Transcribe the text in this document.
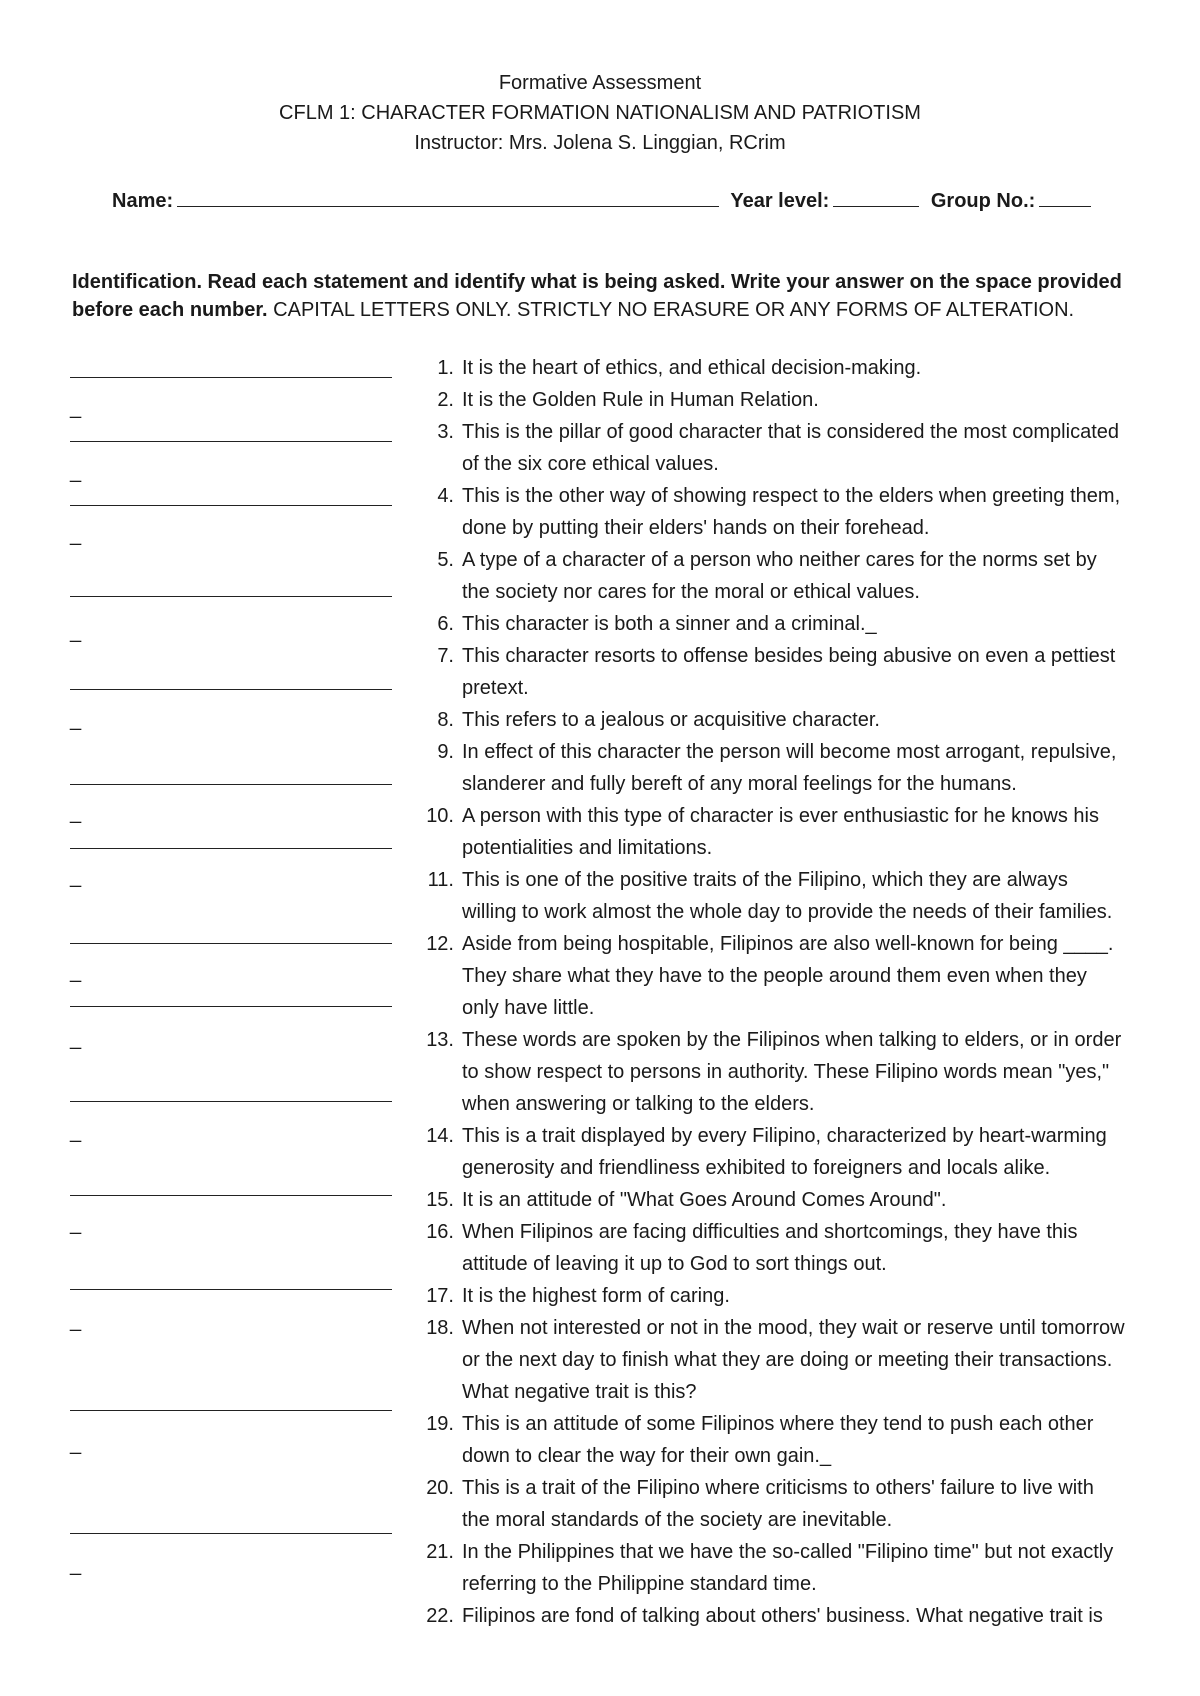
Formative Assessment
CFLM 1: CHARACTER FORMATION NATIONALISM AND PATRIOTISM
Instructor: Mrs. Jolena S. Linggian, RCrim
Name:	Year level:	Group No.:
Identification. Read each statement and identify what is being asked. Write your answer on the space provided before each number. CAPITAL LETTERS ONLY. STRICTLY NO ERASURE OR ANY FORMS OF ALTERATION.
_
_
_
_
_
_
_
_
_
_
_
_
_
_
1. It is the heart of ethics, and ethical decision-making.
2. It is the Golden Rule in Human Relation.
3. This is the pillar of good character that is considered the most complicated
of the six core ethical values.
4. This is the other way of showing respect to the elders when greeting them,
done by putting their elders' hands on their forehead.
5. A type of a character of a person who neither cares for the norms set by
the society nor cares for the moral or ethical values.
6. This character is both a sinner and a criminal._
7. This character resorts to offense besides being abusive on even a pettiest
pretext.
8. This refers to a jealous or acquisitive character.
9. In effect of this character the person will become most arrogant, repulsive,
slanderer and fully bereft of any moral feelings for the humans.
10. A person with this type of character is ever enthusiastic for he knows his
potentialities and limitations.
11. This is one of the positive traits of the Filipino, which they are always
willing to work almost the whole day to provide the needs of their families.
12. Aside from being hospitable, Filipinos are also well-known for being ____.
They share what they have to the people around them even when they
only have little.
13. These words are spoken by the Filipinos when talking to elders, or in order
to show respect to persons in authority. These Filipino words mean "yes,"
when answering or talking to the elders.
14. This is a trait displayed by every Filipino, characterized by heart-warming
generosity and friendliness exhibited to foreigners and locals alike.
15. It is an attitude of "What Goes Around Comes Around".
16. When Filipinos are facing difficulties and shortcomings, they have this
attitude of leaving it up to God to sort things out.
17. It is the highest form of caring.
18. When not interested or not in the mood, they wait or reserve until tomorrow
or the next day to finish what they are doing or meeting their transactions.
What negative trait is this?
19. This is an attitude of some Filipinos where they tend to push each other
down to clear the way for their own gain._
20. This is a trait of the Filipino where criticisms to others' failure to live with
the moral standards of the society are inevitable.
21. In the Philippines that we have the so-called "Filipino time" but not exactly
referring to the Philippine standard time.
22. Filipinos are fond of talking about others' business. What negative trait is
